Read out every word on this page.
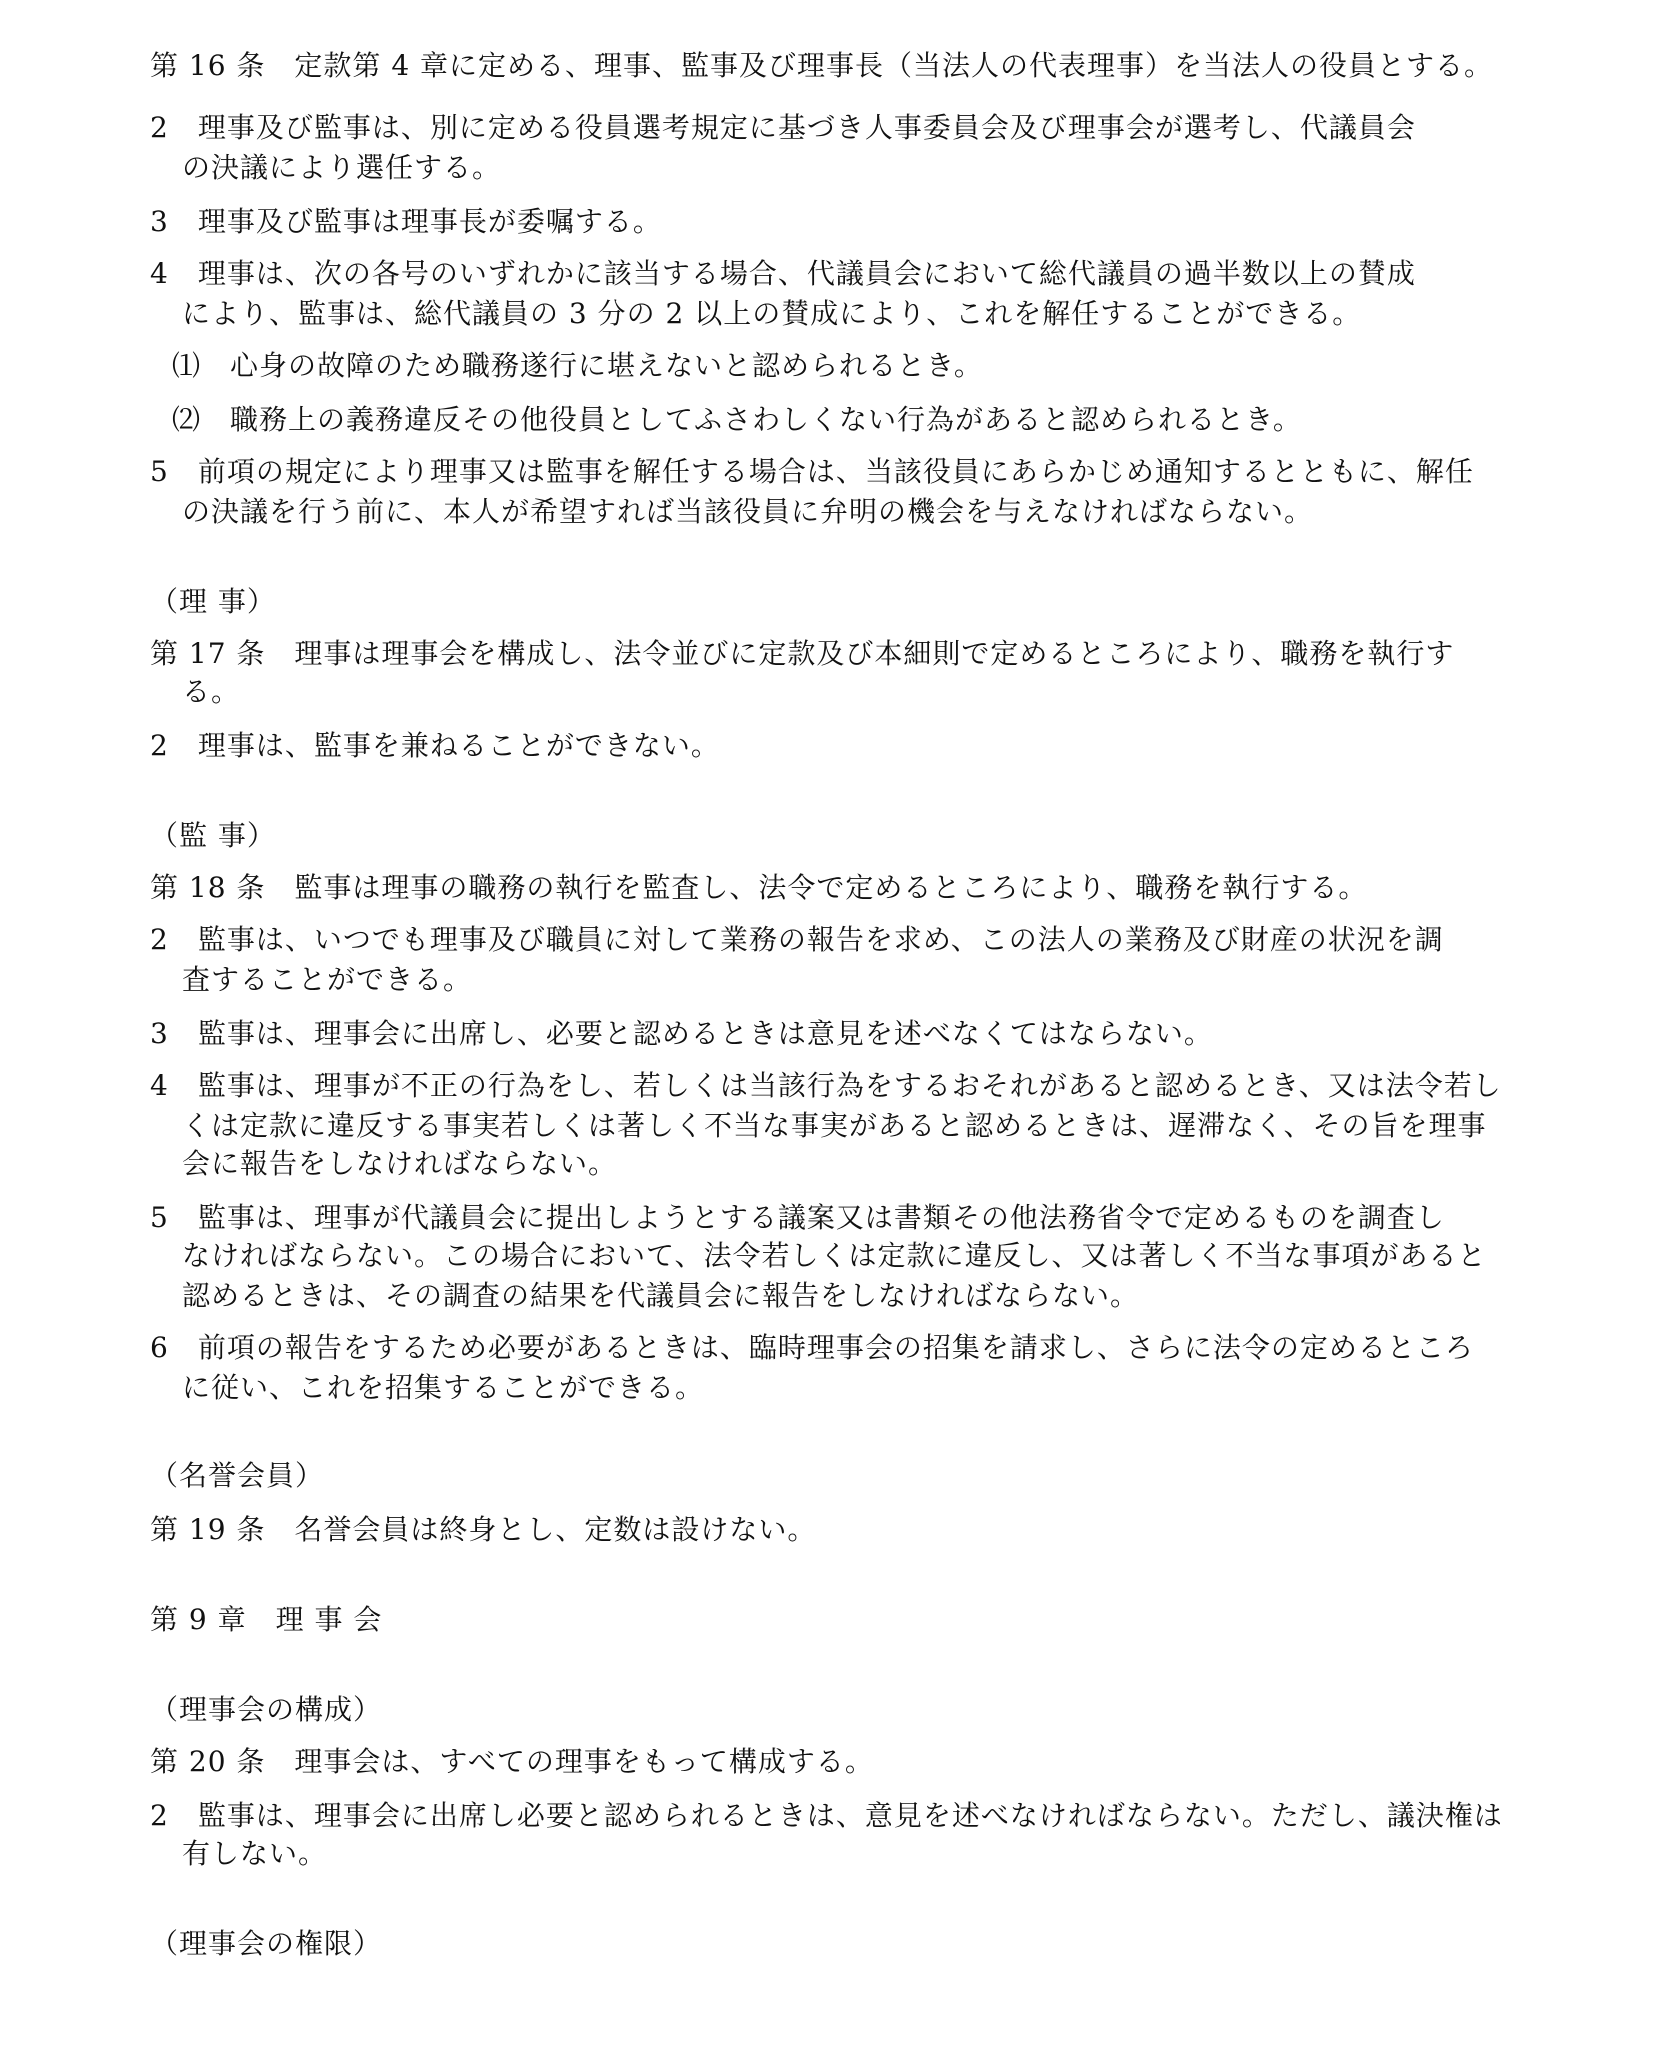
第 16 条　定款第 4 章に定める、理事、監事及び理事長（当法人の代表理事）を当法人の役員とする。
2　理事及び監事は、別に定める役員選考規定に基づき人事委員会及び理事会が選考し、代議員会
の決議により選任する。
3　理事及び監事は理事長が委嘱する。
4　理事は、次の各号のいずれかに該当する場合、代議員会において総代議員の過半数以上の賛成
により、監事は、総代議員の 3 分の 2 以上の賛成により、これを解任することができる。
⑴　心身の故障のため職務遂行に堪えないと認められるとき。
⑵　職務上の義務違反その他役員としてふさわしくない行為があると認められるとき。
5　前項の規定により理事又は監事を解任する場合は、当該役員にあらかじめ通知するとともに、解任
の決議を行う前に、本人が希望すれば当該役員に弁明の機会を与えなければならない。
（理 事）
第 17 条　理事は理事会を構成し、法令並びに定款及び本細則で定めるところにより、職務を執行す
る。
2　理事は、監事を兼ねることができない。
（監 事）
第 18 条　監事は理事の職務の執行を監査し、法令で定めるところにより、職務を執行する。
2　監事は、いつでも理事及び職員に対して業務の報告を求め、この法人の業務及び財産の状況を調
査することができる。
3　監事は、理事会に出席し、必要と認めるときは意見を述べなくてはならない。
4　監事は、理事が不正の行為をし、若しくは当該行為をするおそれがあると認めるとき、又は法令若し
くは定款に違反する事実若しくは著しく不当な事実があると認めるときは、遅滞なく、その旨を理事
会に報告をしなければならない。
5　監事は、理事が代議員会に提出しようとする議案又は書類その他法務省令で定めるものを調査し
なければならない。この場合において、法令若しくは定款に違反し、又は著しく不当な事項があると
認めるときは、その調査の結果を代議員会に報告をしなければならない。
6　前項の報告をするため必要があるときは、臨時理事会の招集を請求し、さらに法令の定めるところ
に従い、これを招集することができる。
（名誉会員）
第 19 条　名誉会員は終身とし、定数は設けない。
第 9 章　理 事 会
（理事会の構成）
第 20 条　理事会は、すべての理事をもって構成する。
2　監事は、理事会に出席し必要と認められるときは、意見を述べなければならない。ただし、議決権は
有しない。
（理事会の権限）
